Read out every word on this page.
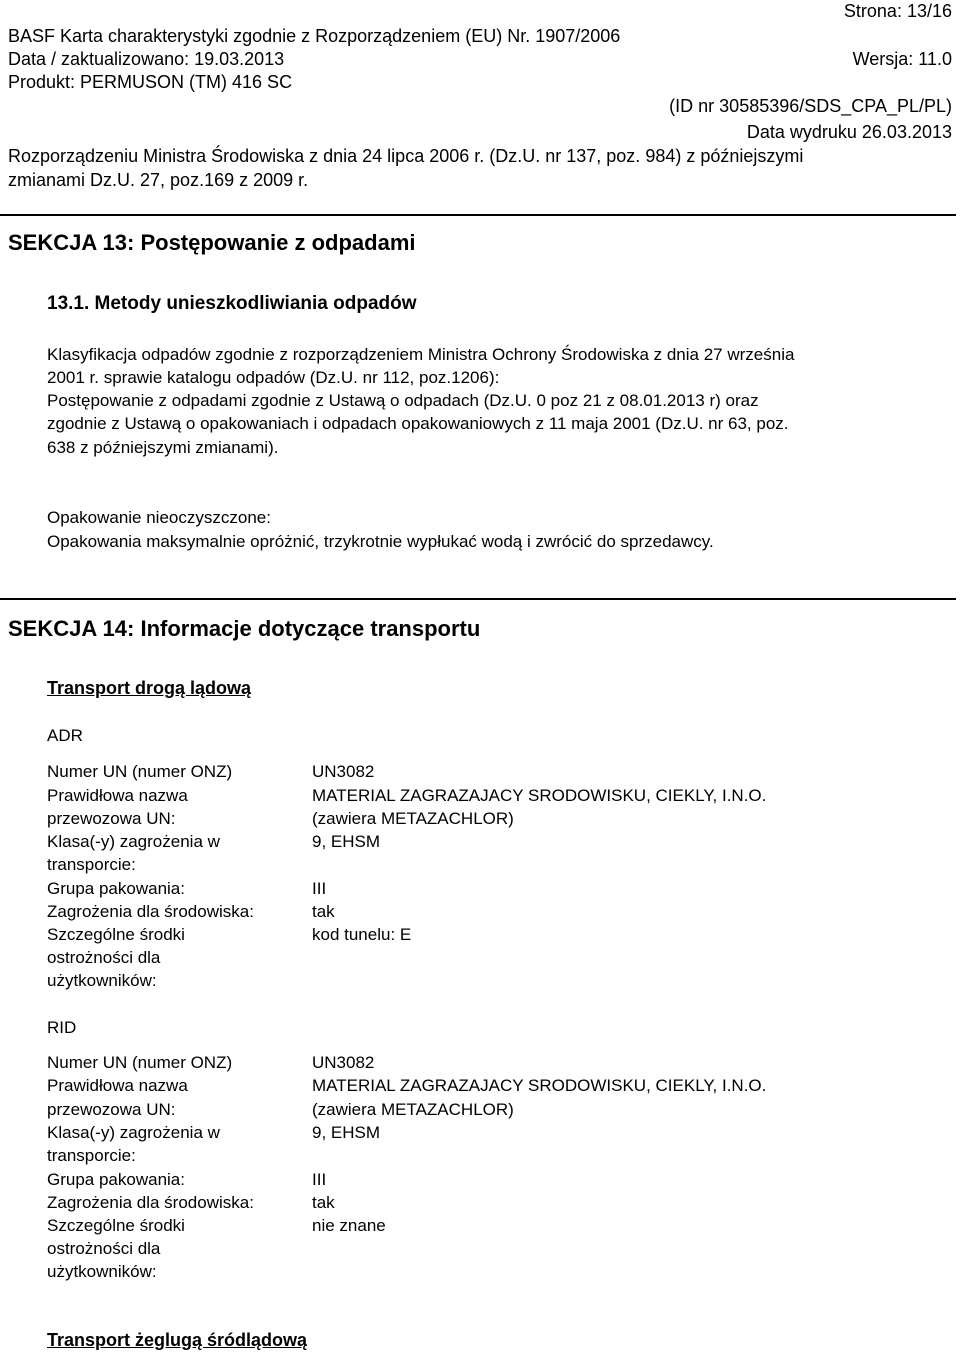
Strona: 13/16
BASF Karta charakterystyki zgodnie z Rozporządzeniem (EU) Nr. 1907/2006
Data / zaktualizowano: 19.03.2013	Wersja: 11.0
Produkt: PERMUSON (TM) 416 SC
(ID nr 30585396/SDS_CPA_PL/PL)
Data wydruku 26.03.2013
Rozporządzeniu Ministra Środowiska z dnia 24 lipca 2006 r. (Dz.U. nr 137, poz. 984) z późniejszymi
zmianami Dz.U. 27, poz.169 z 2009 r.
SEKCJA 13: Postępowanie z odpadami
13.1. Metody unieszkodliwiania odpadów
Klasyfikacja odpadów zgodnie z rozporządzeniem Ministra Ochrony Środowiska z dnia 27 września
2001 r. sprawie katalogu odpadów (Dz.U. nr 112, poz.1206):
Postępowanie z odpadami zgodnie z Ustawą o odpadach (Dz.U. 0 poz 21 z 08.01.2013 r) oraz
zgodnie z Ustawą o opakowaniach i odpadach opakowaniowych z 11 maja 2001 (Dz.U. nr 63, poz.
638 z późniejszymi zmianami).
Opakowanie nieoczyszczone:
Opakowania maksymalnie opróżnić, trzykrotnie wypłukać wodą i zwrócić do sprzedawcy.
SEKCJA 14: Informacje dotyczące transportu
Transport drogą lądową
ADR
Numer UN (numer ONZ)	UN3082
Prawidłowa nazwa	MATERIAL ZAGRAZAJACY SRODOWISKU, CIEKLY, I.N.O.
przewozowa UN:	(zawiera METAZACHLOR)
Klasa(-y) zagrożenia w	9, EHSM
transporcie:
Grupa pakowania:	III
Zagrożenia dla środowiska:	tak
Szczególne środki	kod tunelu: E
ostrożności dla
użytkowników:
RID
Numer UN (numer ONZ)	UN3082
Prawidłowa nazwa	MATERIAL ZAGRAZAJACY SRODOWISKU, CIEKLY, I.N.O.
przewozowa UN:	(zawiera METAZACHLOR)
Klasa(-y) zagrożenia w	9, EHSM
transporcie:
Grupa pakowania:	III
Zagrożenia dla środowiska:	tak
Szczególne środki	nie znane
ostrożności dla
użytkowników:
Transport żeglugą śródlądową
